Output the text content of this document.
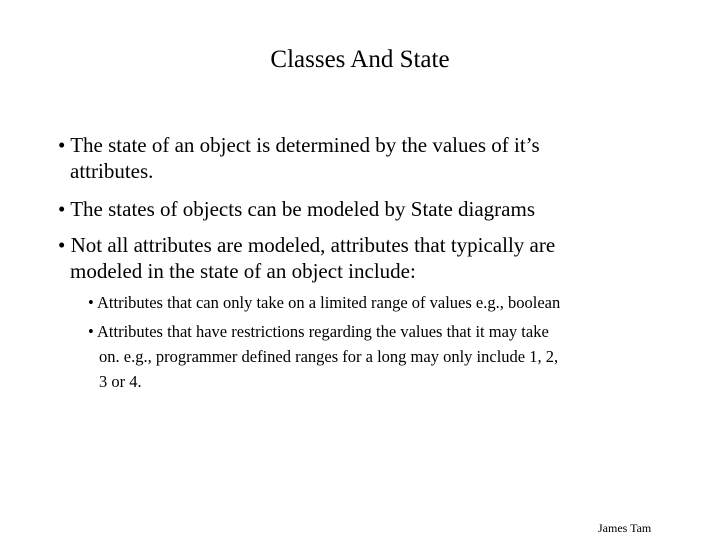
Classes And State
• The state of an object is determined by the values of it’s
attributes.
• The states of objects can be modeled by State diagrams
• Not all attributes are modeled, attributes that typically are
modeled in the state of an object include:
• Attributes that can only take on a limited range of values e.g., boolean
• Attributes that have restrictions regarding the values that it may take
on. e.g., programmer defined ranges for a long may only include 1, 2,
3 or 4.
James Tam
